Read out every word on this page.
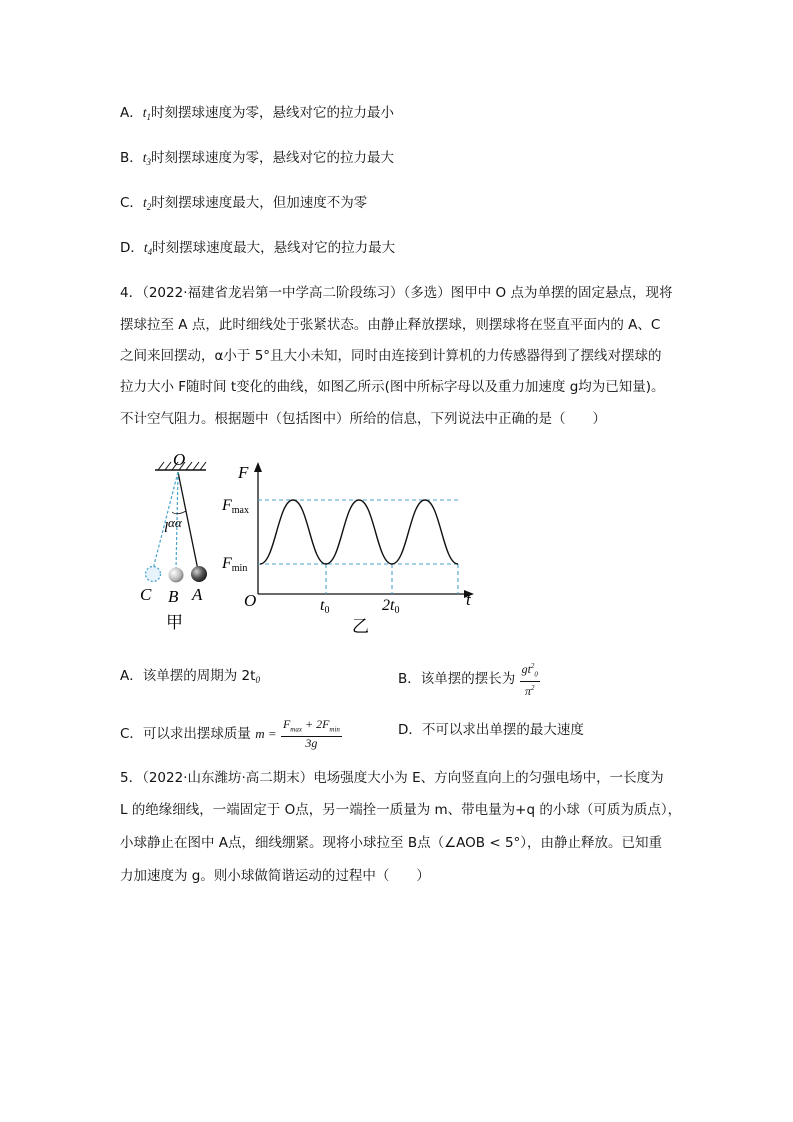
A．$t_1$时刻摆球速度为零，悬线对它的拉力最小
B．$t_3$时刻摆球速度为零，悬线对它的拉力最大
C．$t_2$时刻摆球速度最大，但加速度不为零
D．$t_4$时刻摆球速度最大，悬线对它的拉力最大
4．（2022·福建省龙岩第一中学高二阶段练习）（多选）图甲中 O 点为单摆的固定悬点，现将
摆球拉至 A 点，此时细线处于张紧状态。由静止释放摆球，则摆球将在竖直平面内的 A、C
之间来回摆动，α小于 5°且大小未知，同时由连接到计算机的力传感器得到了摆线对摆球的
拉力大小 F随时间 t变化的曲线，如图乙所示(图中所标字母以及重力加速度 g均为已知量)。
不计空气阻力。根据题中（包括图中）所给的信息，下列说法中正确的是（　　）
O
l αα
C B A
甲
F
t
O
Fmax
Fmin
t0	2t0
乙
A．该单摆的周期为 $2t_0$	B．该单摆的摆长为 $\frac{gt^2_0}{\pi^2}$
C．可以求出摆球质量 $m = \frac{F_{max} + 2F_{min}}{3g}$	D．不可以求出单摆的最大速度
5．（2022·山东潍坊·高二期末）电场强度大小为 E、方向竖直向上的匀强电场中，一长度为
L 的绝缘细线，一端固定于 O点，另一端拴一质量为 m、带电量为+q 的小球（可质为质点），
小球静止在图中 A点，细线绷紧。现将小球拉至 B点（∠AOB < 5°），由静止释放。已知重
力加速度为 g。则小球做简谐运动的过程中（　　）
